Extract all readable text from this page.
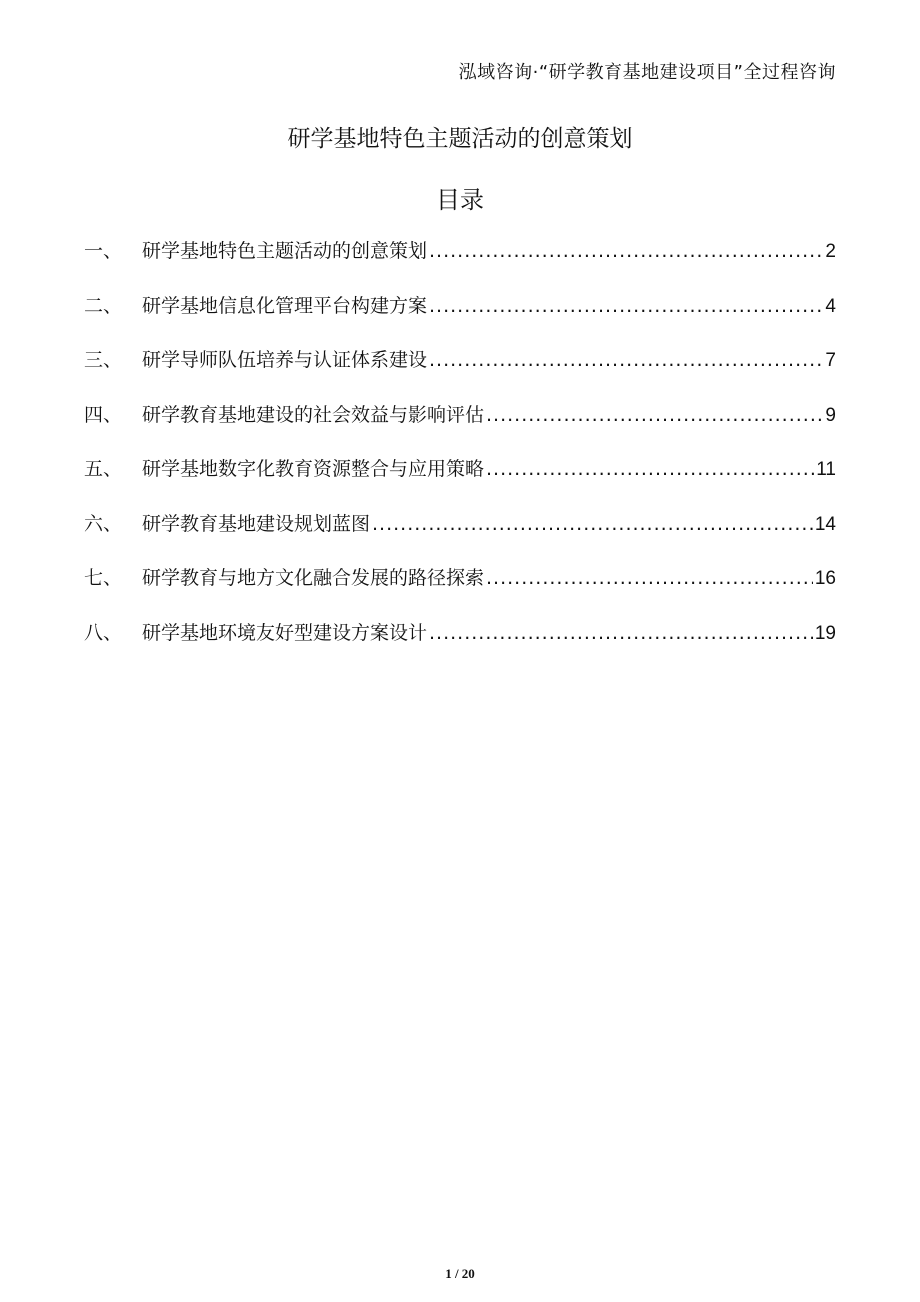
泓域咨询·“研学教育基地建设项目”全过程咨询
研学基地特色主题活动的创意策划
目录
一、	研学基地特色主题活动的创意策划 .....	2
二、	研学基地信息化管理平台构建方案 .....	4
三、	研学导师队伍培养与认证体系建设 .....	7
四、	研学教育基地建设的社会效益与影响评估 .....	9
五、	研学基地数字化教育资源整合与应用策略 .....	11
六、	研学教育基地建设规划蓝图 .....	14
七、	研学教育与地方文化融合发展的路径探索 .....	16
八、	研学基地环境友好型建设方案设计 .....	19
1 / 20
